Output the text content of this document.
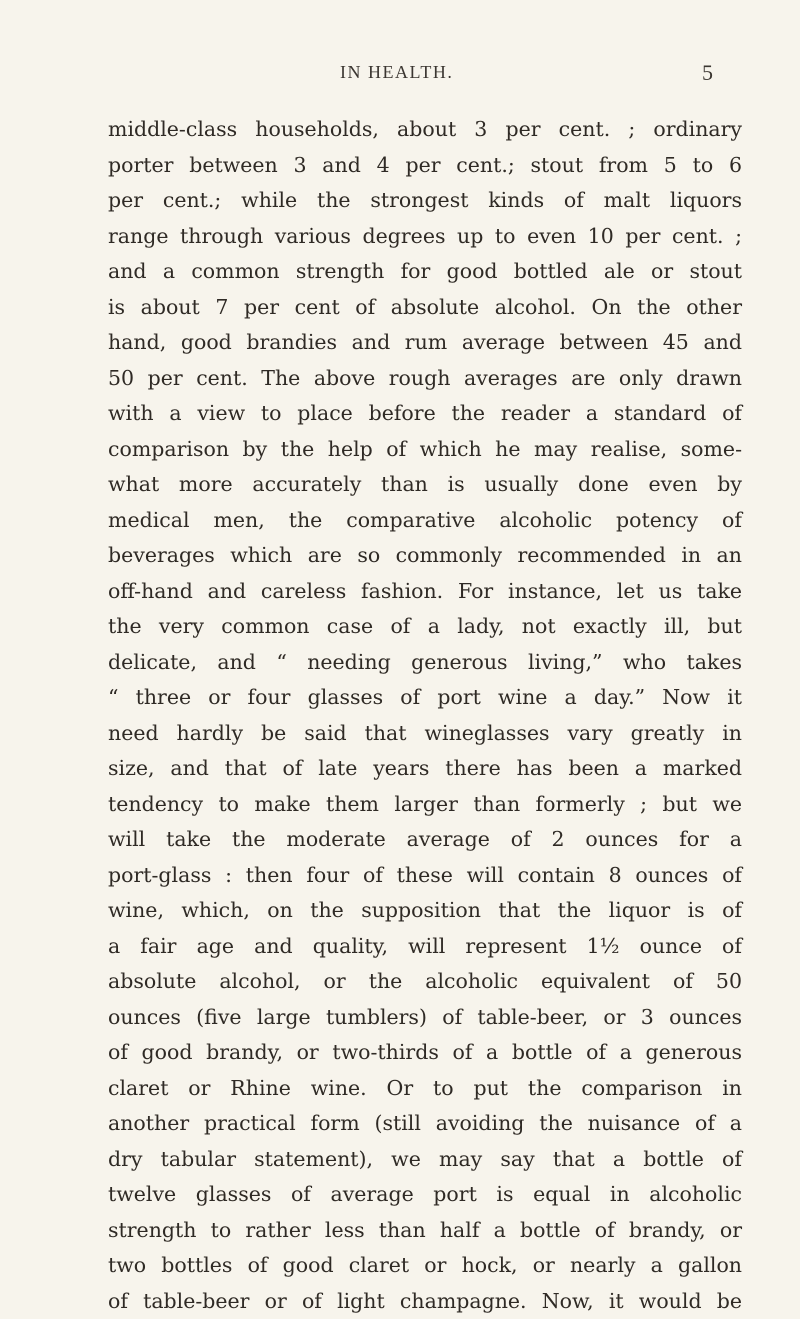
IN HEALTH.	5
middle-class households, about 3 per cent. ; ordinary
porter between 3 and 4 per cent.; stout from 5 to 6
per cent.; while the strongest kinds of malt liquors
range through various degrees up to even 10 per cent. ;
and a common strength for good bottled ale or stout
is about 7 per cent of absolute alcohol. On the other
hand, good brandies and rum average between 45 and
50 per cent. The above rough averages are only drawn
with a view to place before the reader a standard of
comparison by the help of which he may realise, some-
what more accurately than is usually done even by
medical men, the comparative alcoholic potency of
beverages which are so commonly recommended in an
off-hand and careless fashion. For instance, let us take
the very common case of a lady, not exactly ill, but
delicate, and “ needing generous living,” who takes
“ three or four glasses of port wine a day.” Now it
need hardly be said that wineglasses vary greatly in
size, and that of late years there has been a marked
tendency to make them larger than formerly ; but we
will take the moderate average of 2 ounces for a
port-glass : then four of these will contain 8 ounces of
wine, which, on the supposition that the liquor is of
a fair age and quality, will represent 1½ ounce of
absolute alcohol, or the alcoholic equivalent of 50
ounces (five large tumblers) of table-beer, or 3 ounces
of good brandy, or two-thirds of a bottle of a generous
claret or Rhine wine. Or to put the comparison in
another practical form (still avoiding the nuisance of a
dry tabular statement), we may say that a bottle of
twelve glasses of average port is equal in alcoholic
strength to rather less than half a bottle of brandy, or
two bottles of good claret or hock, or nearly a gallon
of table-beer or of light champagne. Now, it would be
